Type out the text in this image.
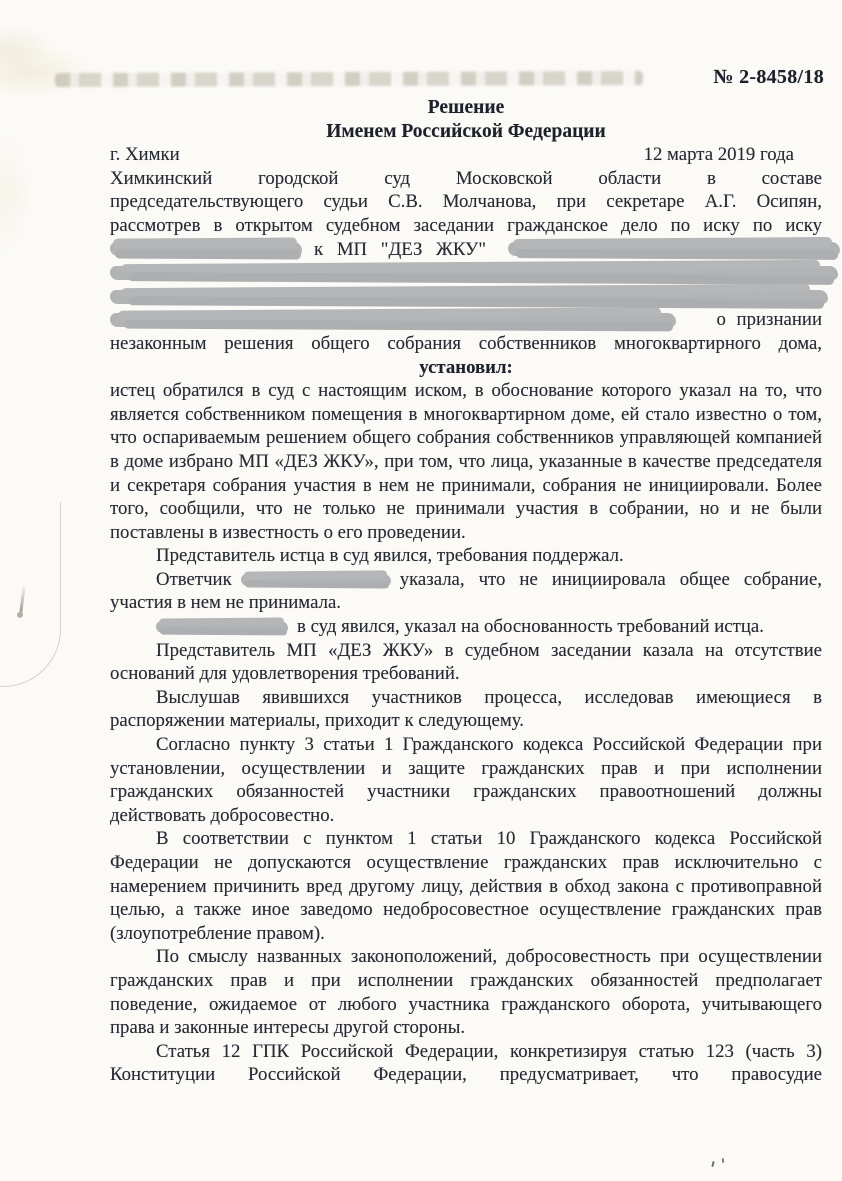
№ 2-8458/18
Решение
Именем Российской Федерации
г. Химки	12 марта 2019 года
Химкинский городской суд Московской области в составе
председательствующего судьи С.В. Молчанова, при секретаре А.Г. Осипян,
рассмотрев в открытом судебном заседании гражданское дело по иску по иску
к МП "ДЕЗ ЖКУ"
о признании
незаконным решения общего собрания собственников многоквартирного дома,
установил:

истец обратился в суд с настоящим иском, в обоснование которого указал на то, что является собственником помещения в многоквартирном доме, ей стало известно о том, что оспариваемым решением общего собрания собственников управляющей компанией в доме избрано МП «ДЕЗ ЖКУ», при том, что лица, указанные в качестве председателя и секретаря собрания участия в нем не принимали, собрания не инициировали. Более того, сообщили, что не только не принимали участия в собрании, но и не были поставлены в известность о его проведении.

Представитель истца в суд явился, требования поддержал.

Ответчик	указала, что не инициировала общее собрание, участия в нем не принимала.

в суд явился, указал на обоснованность требований истца.

Представитель МП «ДЕЗ ЖКУ» в судебном заседании казала на отсутствие оснований для удовлетворения требований.

Выслушав явившихся участников процесса, исследовав имеющиеся в распоряжении материалы, приходит к следующему.

Согласно пункту 3 статьи 1 Гражданского кодекса Российской Федерации при установлении, осуществлении и защите гражданских прав и при исполнении гражданских обязанностей участники гражданских правоотношений должны действовать добросовестно.

В соответствии с пунктом 1 статьи 10 Гражданского кодекса Российской Федерации не допускаются осуществление гражданских прав исключительно с намерением причинить вред другому лицу, действия в обход закона с противоправной целью, а также иное заведомо недобросовестное осуществление гражданских прав (злоупотребление правом).

По смыслу названных законоположений, добросовестность при осуществлении гражданских прав и при исполнении гражданских обязанностей предполагает поведение, ожидаемое от любого участника гражданского оборота, учитывающего права и законные интересы другой стороны.

Статья 12 ГПК Российской Федерации, конкретизируя статью 123 (часть 3) Конституции Российской Федерации, предусматривает, что правосудие
